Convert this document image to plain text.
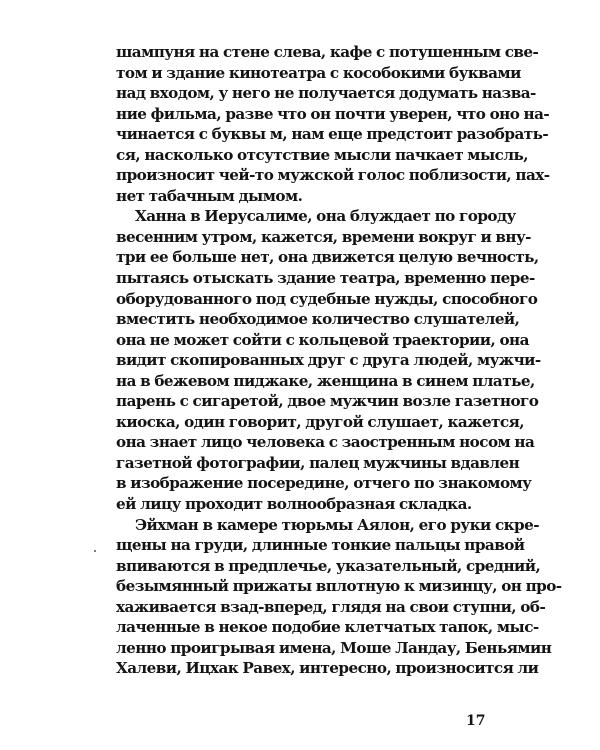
шампуня на стене слева, кафе с потушенным све-
том и здание кинотеатра с кособокими буквами
над входом, у него не получается додумать назва-
ние фильма, разве что он почти уверен, что оно на-
чинается с буквы м, нам еще предстоит разобрать-
ся, насколько отсутствие мысли пачкает мысль,
произносит чей-то мужской голос поблизости, пах-
нет табачным дымом.
Ханна в Иерусалиме, она блуждает по городу
весенним утром, кажется, времени вокруг и вну-
три ее больше нет, она движется целую вечность,
пытаясь отыскать здание театра, временно пере-
оборудованного под судебные нужды, способного
вместить необходимое количество слушателей,
она не может сойти с кольцевой траектории, она
видит скопированных друг с друга людей, мужчи-
на в бежевом пиджаке, женщина в синем платье,
парень с сигаретой, двое мужчин возле газетного
киоска, один говорит, другой слушает, кажется,
она знает лицо человека с заостренным носом на
газетной фотографии, палец мужчины вдавлен
в изображение посередине, отчего по знакомому
ей лицу проходит волнообразная складка.
Эйхман в камере тюрьмы Аялон, его руки скре-
щены на груди, длинные тонкие пальцы правой
впиваются в предплечье, указательный, средний,
безымянный прижаты вплотную к мизинцу, он про-
хаживается взад-вперед, глядя на свои ступни, об-
лаченные в некое подобие клетчатых тапок, мыс-
ленно проигрывая имена, Моше Ландау, Беньямин
Халеви, Ицхак Равех, интересно, произносится ли
17
